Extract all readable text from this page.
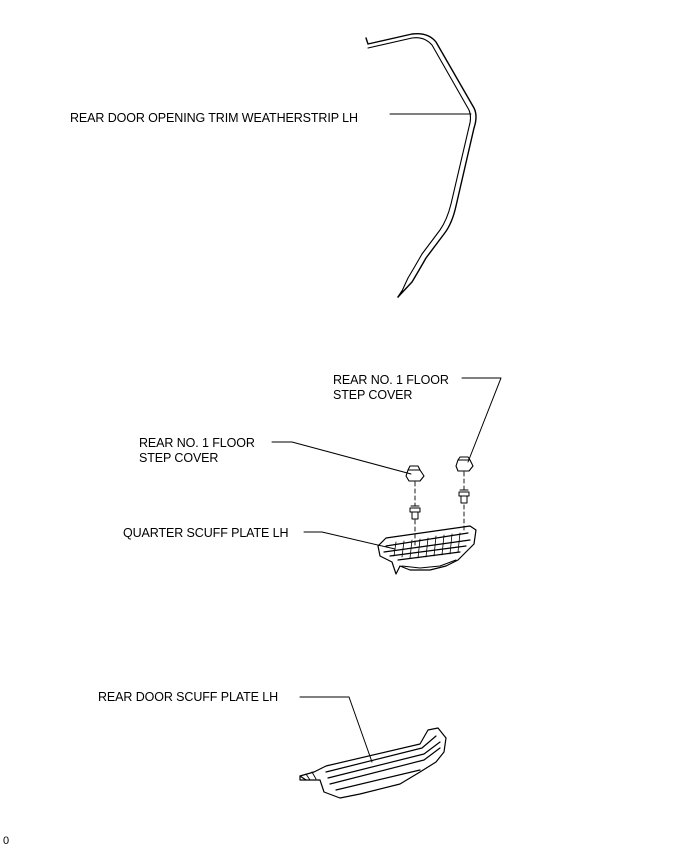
REAR DOOR OPENING TRIM WEATHERSTRIP LH
REAR NO. 1 FLOOR
STEP COVER
REAR NO. 1 FLOOR
STEP COVER
QUARTER SCUFF PLATE LH
REAR DOOR SCUFF PLATE LH
0
